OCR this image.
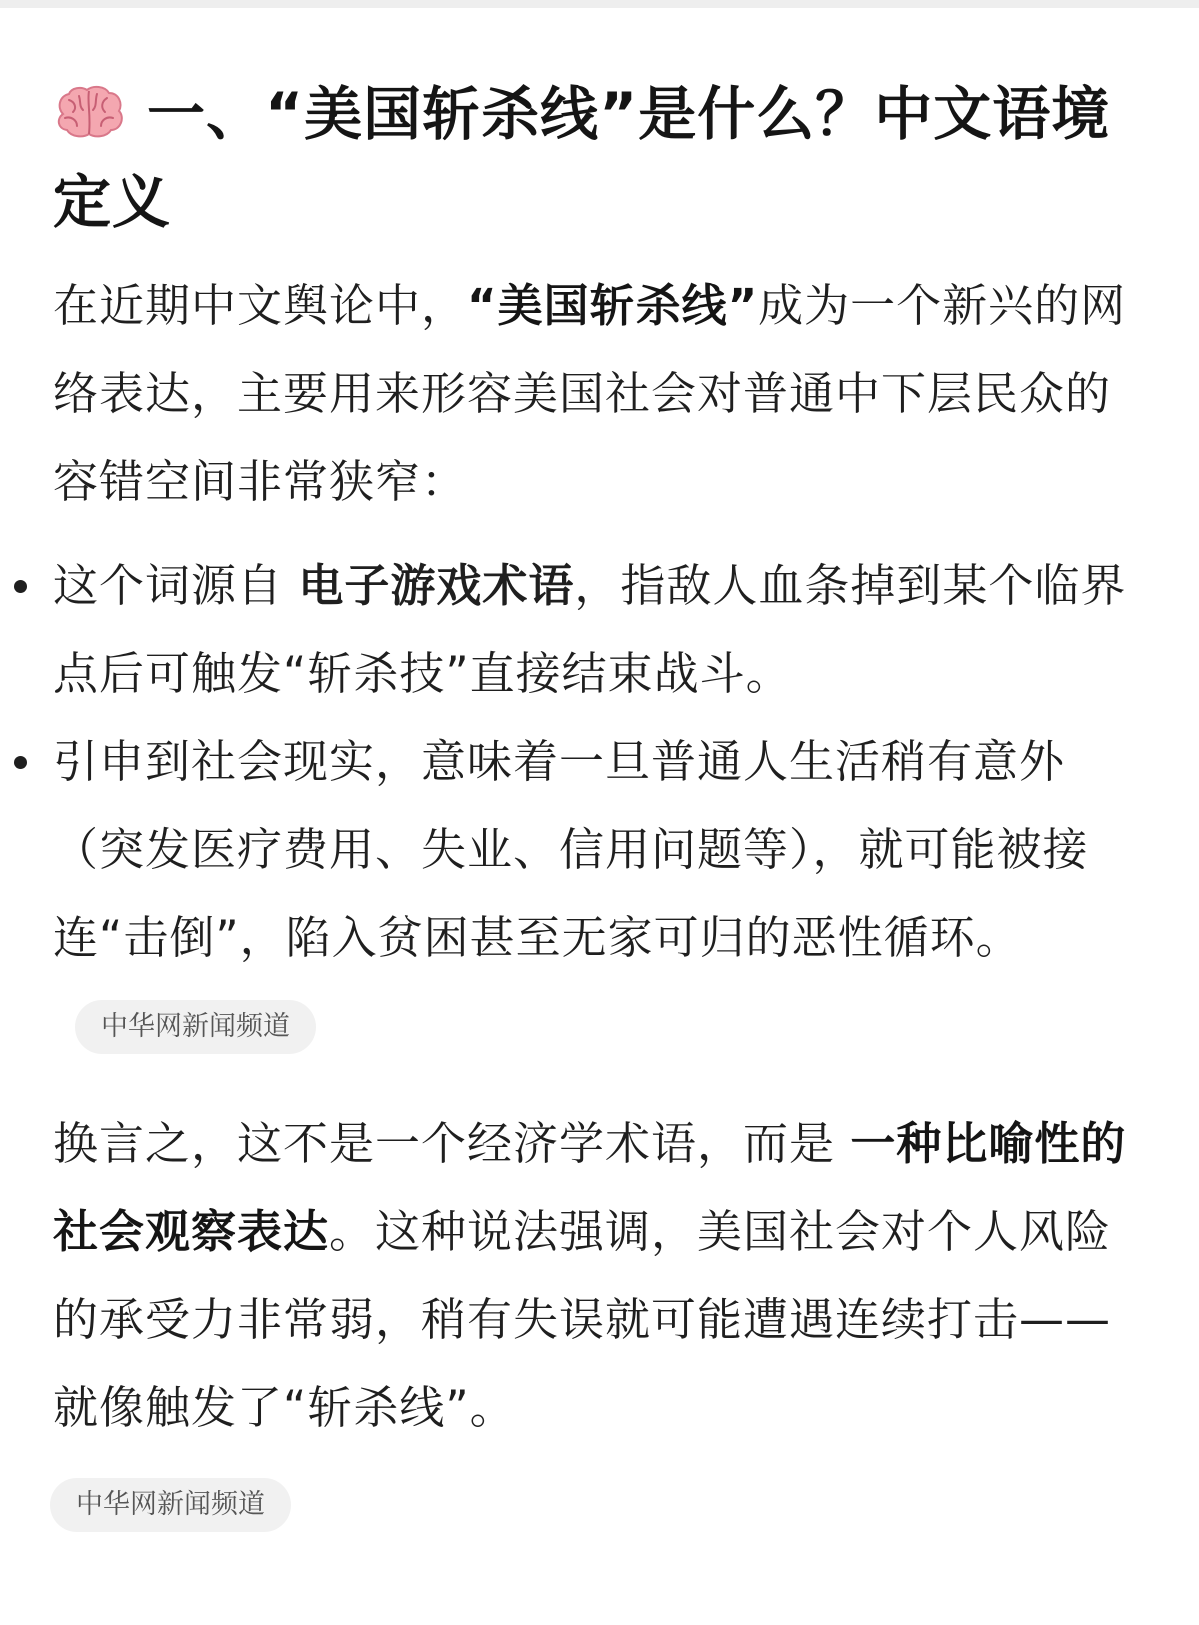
一、“美国斩杀线”是什么？中文语境定义

在近期中文舆论中，“美国斩杀线”成为一个新兴的网络表达，主要用来形容美国社会对普通中下层民众的容错空间非常狭窄：

这个词源自 电子游戏术语，指敌人血条掉到某个临界点后可触发“斩杀技”直接结束战斗。
引申到社会现实，意味着一旦普通人生活稍有意外（突发医疗费用、失业、信用问题等），就可能被接连“击倒”，陷入贫困甚至无家可归的恶性循环。中华网新闻频道

换言之，这不是一个经济学术语，而是 一种比喻性的社会观察表达。这种说法强调，美国社会对个人风险的承受力非常弱，稍有失误就可能遭遇连续打击——就像触发了“斩杀线”。

中华网新闻频道
